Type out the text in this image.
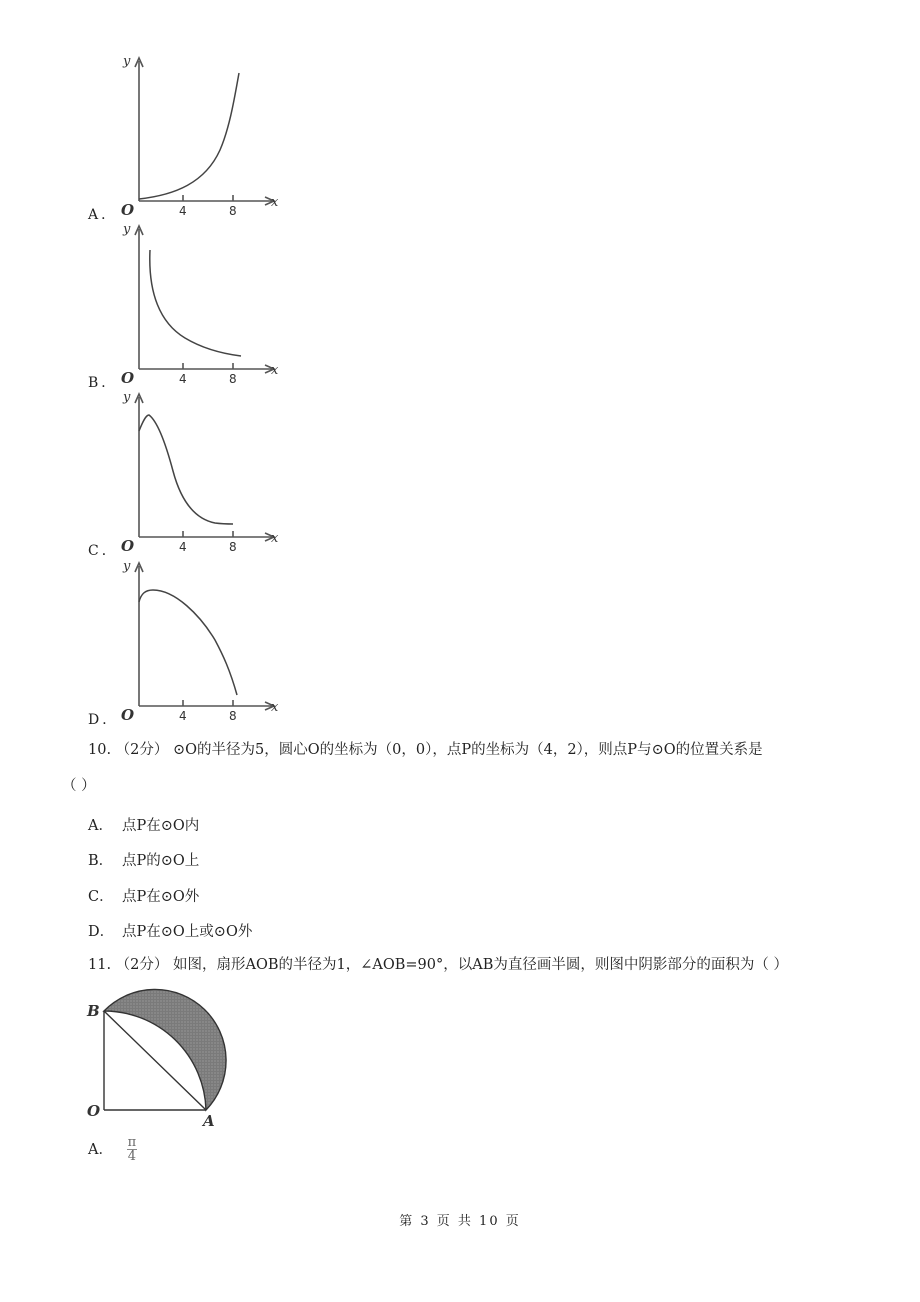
A．
y
x
O	4	8
B．
y
x
O	4	8
C．
y
x
O	4	8
D．
y
x
O	4	8
10. （2分） ⊙O的半径为5，圆心O的坐标为（0，0），点P的坐标为（4，2），则点P与⊙O的位置关系是
（ ）
A． 点P在⊙O内
B． 点P的⊙O上
C． 点P在⊙O外
D． 点P在⊙O上或⊙O外
11. （2分） 如图，扇形AOB的半径为1，∠AOB=90°，以AB为直径画半圆，则图中阴影部分的面积为（ ）
B
O
A
A． $\frac{\pi}{4}$
第 3 页 共 10 页
